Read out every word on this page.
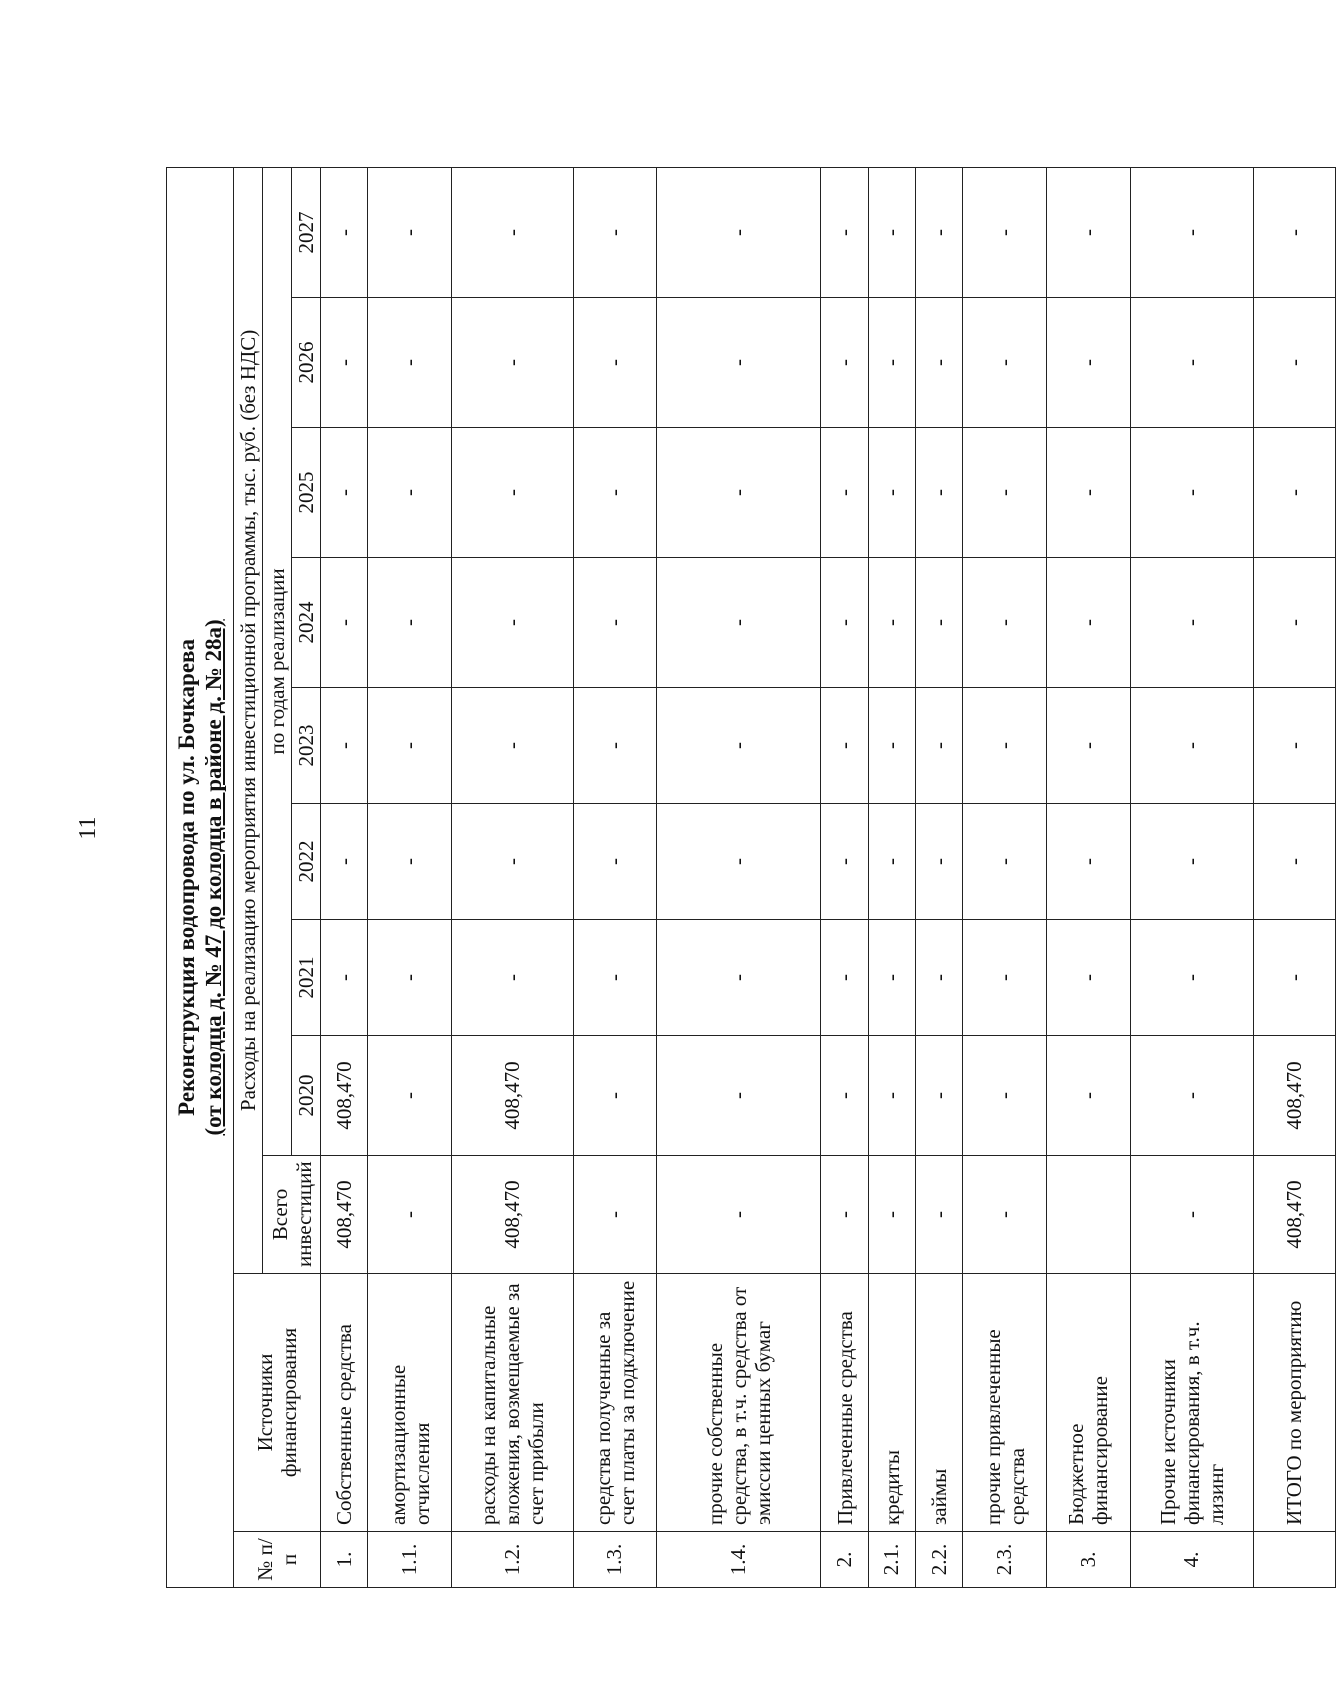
11	Реконструкция водопровода по ул. Бочкарева (от колодца д. № 47 до колодца в районе д. № 28а)										

№ п/п	Источники финансирования	Расходы на реализацию мероприятия инвестиционной программы, тыс. руб. (без НДС)								
		Всего инвестиций	по годам реализации							
			2020	2021	2022	2023	2024	2025	2026	2027
1.	Собственные средства	408,470	408,470	-	-	-	-	-	-	-
1.1.	амортизационные отчисления	-	-	-	-	-	-	-	-	-
1.2.	расходы на капитальные вложения, возмещаемые за счет прибыли	408,470	408,470	-	-	-	-	-	-	-
1.3.	средства полученные за счет платы за подключение	-	-	-	-	-	-	-	-	-
1.4.	прочие собственные средства, в т.ч. средства от эмиссии ценных бумаг	-	-	-	-	-	-	-	-	-
2.	Привлеченные средства	-	-	-	-	-	-	-	-	-
2.1.	кредиты	-	-	-	-	-	-	-	-	-
2.2.	займы	-	-	-	-	-	-	-	-	-
2.3.	прочие привлеченные средства	-	-	-	-	-	-	-	-	-
3.	Бюджетное финансирование		-	-	-	-	-	-	-	-
4.	Прочие источники финансирования, в т.ч. лизинг	-	-	-	-	-	-	-	-	-
	ИТОГО по мероприятию	408,470	408,470	-	-	-	-	-	-	-
